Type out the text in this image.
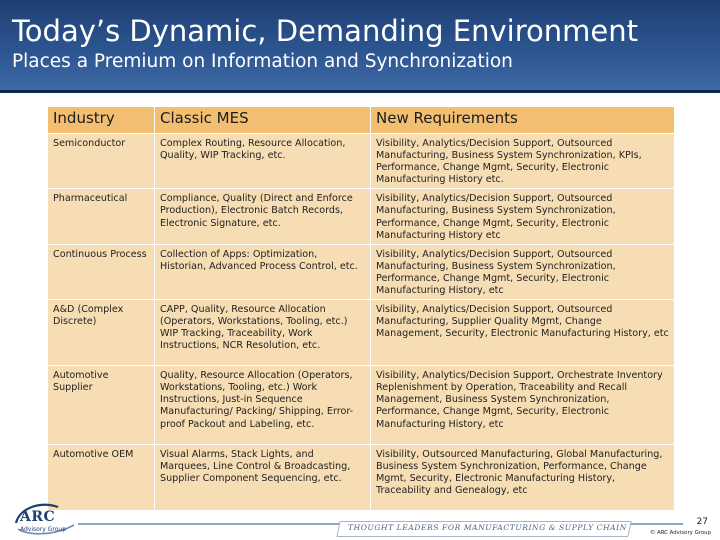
Today’s Dynamic, Demanding Environment
Places a Premium on Information and Synchronization
Industry	Classic MES	New Requirements
Semiconductor	Complex Routing, Resource Allocation, Quality, WIP Tracking, etc.	Visibility, Analytics/Decision Support, Outsourced Manufacturing, Business System Synchronization, KPIs, Performance, Change Mgmt, Security, Electronic Manufacturing History etc.
Pharmaceutical	Compliance, Quality (Direct and Enforce Production), Electronic Batch Records, Electronic Signature, etc.	Visibility, Analytics/Decision Support, Outsourced Manufacturing, Business System Synchronization, Performance, Change Mgmt, Security, Electronic Manufacturing History etc
Continuous Process	Collection of Apps: Optimization, Historian, Advanced Process Control, etc.	Visibility, Analytics/Decision Support, Outsourced Manufacturing, Business System Synchronization, Performance, Change Mgmt, Security, Electronic Manufacturing History, etc
A&D (Complex Discrete)	CAPP, Quality, Resource Allocation (Operators, Workstations, Tooling, etc.) WIP Tracking, Traceability, Work Instructions, NCR Resolution, etc.	Visibility, Analytics/Decision Support, Outsourced Manufacturing, Supplier Quality Mgmt, Change Management, Security, Electronic Manufacturing History, etc
Automotive Supplier	Quality, Resource Allocation (Operators, Workstations, Tooling, etc.) Work Instructions, Just-in Sequence Manufacturing/ Packing/ Shipping, Error-proof Packout and Labeling, etc.	Visibility, Analytics/Decision Support, Orchestrate Inventory Replenishment by Operation, Traceability and Recall Management, Business System Synchronization, Performance, Change Mgmt, Security, Electronic Manufacturing History, etc
Automotive OEM	Visual Alarms, Stack Lights, and Marquees, Line Control & Broadcasting, Supplier Component Sequencing, etc.	Visibility, Outsourced Manufacturing, Global Manufacturing, Business System Synchronization, Performance, Change Mgmt, Security, Electronic Manufacturing History, Traceability and Genealogy, etc
THOUGHT LEADERS FOR MANUFACTURING & SUPPLY CHAIN
ARC
Advisory Group
27
© ARC Advisory Group
